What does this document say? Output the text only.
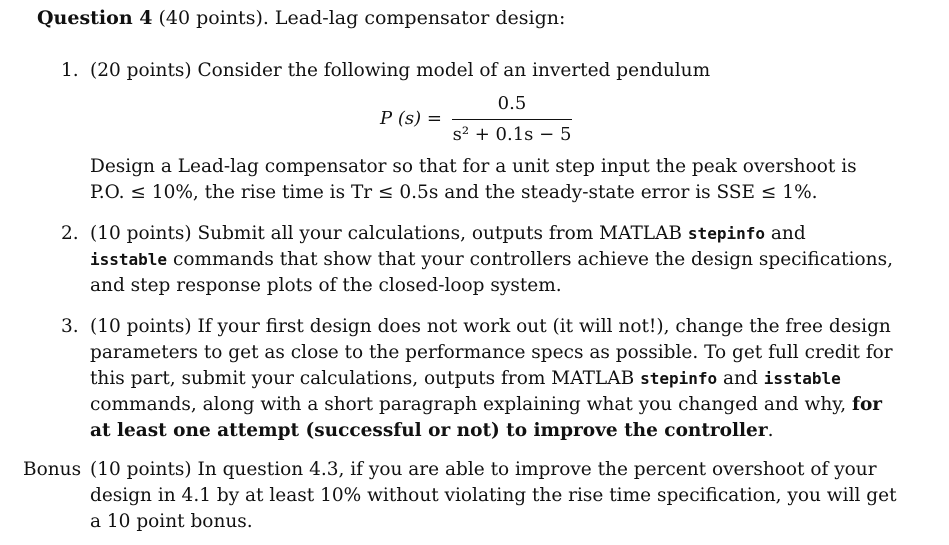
Question 4 (40 points). Lead-lag compensator design:
1. (20 points) Consider the following model of an inverted pendulum
P (s) =
0.5
s² + 0.1s − 5
Design a Lead-lag compensator so that for a unit step input the peak overshoot is
P.O. ≤ 10%, the rise time is Tr ≤ 0.5s and the steady-state error is SSE ≤ 1%.
2. (10 points) Submit all your calculations, outputs from MATLAB stepinfo and
isstable commands that show that your controllers achieve the design specifications,
and step response plots of the closed-loop system.
3. (10 points) If your first design does not work out (it will not!), change the free design
parameters to get as close to the performance specs as possible. To get full credit for
this part, submit your calculations, outputs from MATLAB stepinfo and isstable
commands, along with a short paragraph explaining what you changed and why, for
at least one attempt (successful or not) to improve the controller.
Bonus (10 points) In question 4.3, if you are able to improve the percent overshoot of your
design in 4.1 by at least 10% without violating the rise time specification, you will get
a 10 point bonus.
